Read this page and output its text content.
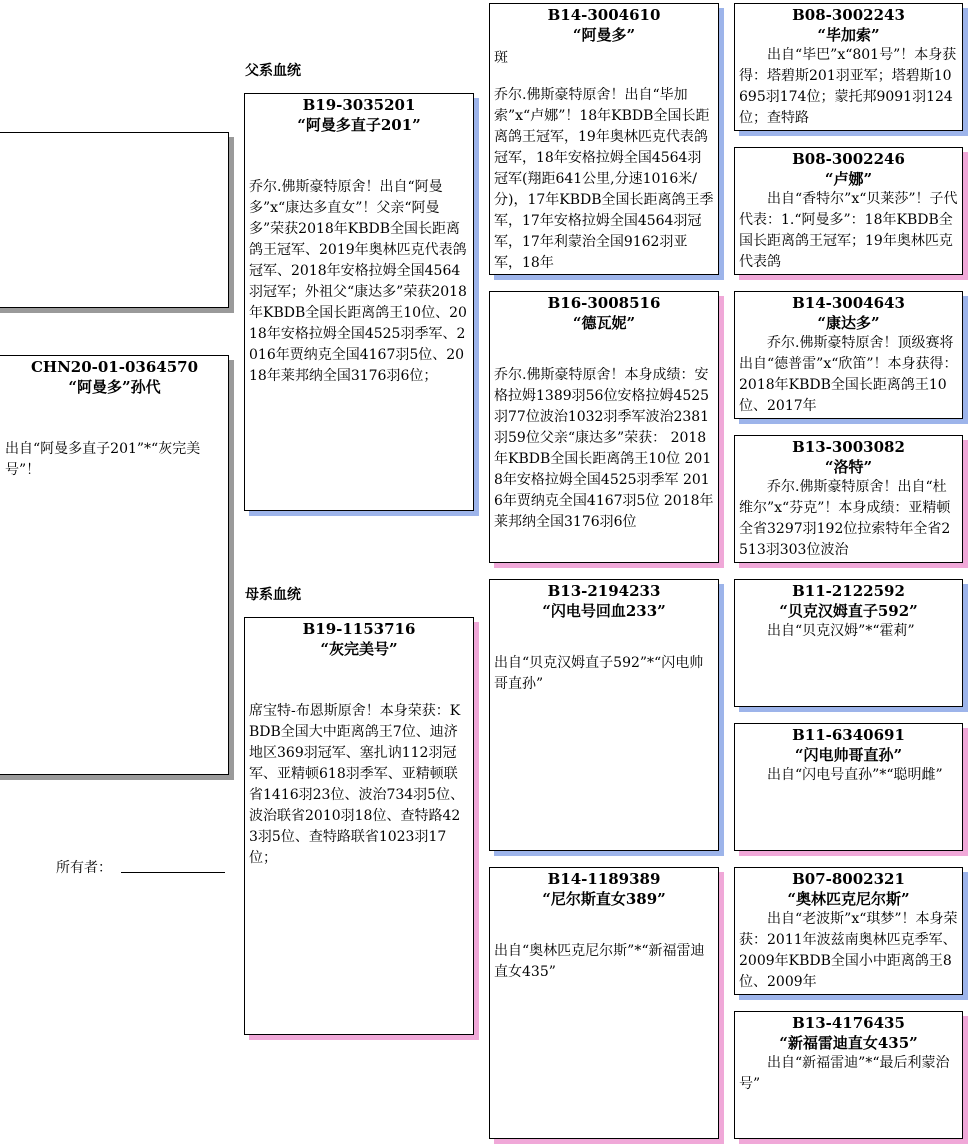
父系血统
母系血统
CHN20-01-0364570
“阿曼多”孙代
出自“阿曼多直子201”*“灰完美号”！
所有者：
B19-3035201
“阿曼多直子201”
乔尔.佛斯豪特原舍！出自“阿曼多”x“康达多直女”！父亲“阿曼多”荣获2018年KBDB全国长距离鸽王冠军、2019年奥林匹克代表鸽冠军、2018年安格拉姆全国4564羽冠军；外祖父“康达多”荣获2018年KBDB全国长距离鸽王10位、2018年安格拉姆全国4525羽季军、2016年贾纳克全国4167羽5位、2018年莱邦纳全国3176羽6位；
B19-1153716
“灰完美号”
席宝特-布恩斯原舍！本身荣获：KBDB全国大中距离鸽王7位、迪济地区369羽冠军、塞扎讷112羽冠军、亚精顿618羽季军、亚精顿联省1416羽23位、波治734羽5位、波治联省2010羽18位、查特路423羽5位、查特路联省1023羽17位；
B14-3004610
“阿曼多”
斑
乔尔.佛斯豪特原舍！出自“毕加索”x“卢娜”！18年KBDB全国长距离鸽王冠军，19年奥林匹克代表鸽冠军，18年安格拉姆全国4564羽冠军(翔距641公里,分速1016米/分)，17年KBDB全国长距离鸽王季军，17年安格拉姆全国4564羽冠军，17年利蒙治全国9162羽亚军，18年
B16-3008516
“德瓦妮”
乔尔.佛斯豪特原舍！本身成绩：安格拉姆1389羽56位安格拉姆4525羽77位波治1032羽季军波治2381羽59位父亲“康达多”荣获： 2018年KBDB全国长距离鸽王10位 2018年安格拉姆全国4525羽季军 2016年贾纳克全国4167羽5位 2018年莱邦纳全国3176羽6位
B13-2194233
“闪电号回血233”
出自“贝克汉姆直子592”*“闪电帅哥直孙”
B14-1189389
“尼尔斯直女389”
出自“奥林匹克尼尔斯”*“新福雷迪直女435”
B08-3002243
“毕加索”
　　出自“毕巴”x“801号”！本身获得：塔碧斯201羽亚军；塔碧斯10695羽174位；蒙托邦9091羽124位；查特路
B08-3002246
“卢娜”
　　出自“香特尔”x“贝莱莎”！子代代表：1.“阿曼多”：18年KBDB全国长距离鸽王冠军；19年奥林匹克代表鸽
B14-3004643
“康达多”
　　乔尔.佛斯豪特原舍！顶级赛将出自“德普雷”x“欣笛”！本身获得：2018年KBDB全国长距离鸽王10位、2017年
B13-3003082
“洛特”
　　乔尔.佛斯豪特原舍！出自“杜维尔”x“芬克”！本身成绩：亚精顿全省3297羽192位拉索特年全省2513羽303位波治
B11-2122592
“贝克汉姆直子592”
　　出自“贝克汉姆”*“霍莉”
B11-6340691
“闪电帅哥直孙”
　　出自“闪电号直孙”*“聪明雌”
B07-8002321
“奥林匹克尼尔斯”
　　出自“老波斯”x“琪梦”！本身荣获：2011年波兹南奥林匹克季军、2009年KBDB全国小中距离鸽王8位、2009年
B13-4176435
“新福雷迪直女435”
　　出自“新福雷迪”*“最后利蒙治号”
